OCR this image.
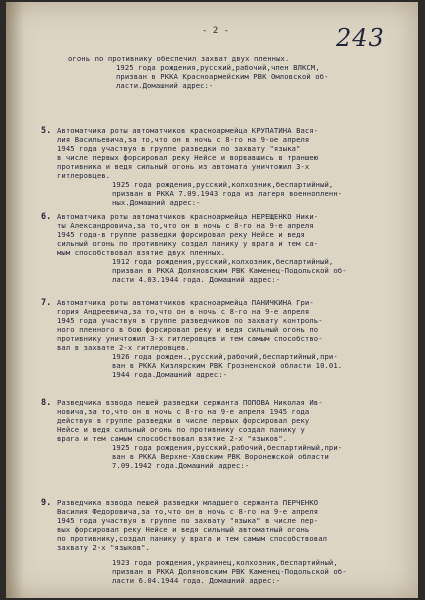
- 2 -	243
огонь по противнику обеспечил захват двух пленных.
1925 года рождения,русский,рабочий,член ВЛКСМ,
призван в РККА Красноармейским РВК Омловской об-
ласти.Домашний адрес:-
5. Автоматчика роты автоматчиков красноармейца КРУПАТИНА Вася-
лия Васильевича,за то,что он в ночь с 8-го на 9-ое апреля
1945 года участвуя в группе разведки по захвату "языка"
в числе первых форсировал реку Нейсе и ворвавшись в траншею
противника и ведя сильный огонь из автомата уничтожил 3-х
гитлеровцев.
1925 года рождения,русский,колхозник,беспартийный,
призван в РККА 7.09.1943 года из лагеря военнопленн-
ных.Домашний адрес:-
6. Автоматчика роты автоматчиков красноармейца НЕРЕЩЕНКО Ники-
ты Александровича,за то,что он в ночь с 8-го на 9-е апреля
1945 года-в группе разведки форсировал реку Нейсе и ведя
сильный огонь по противнику создал панику у врага и тем са-
мым способствовал взятие двух пленных.
1912 года рождения,русский,колхозник,беспартийный,
призван в РККА Доляновским РВК Каменец-Подольской об-
ласти 4.03.1944 года. Домашний адрес:-
7. Автоматчика роты автоматчиков красноармейца ПАНИЧКИНА Гри-
гория Андреевича,за то,что он в ночь с 8-го на 9-е апреля
1945 года участвуя в группе разведчиков по захвату контроль-
ного пленного в бою форсировал реку и ведя сильный огонь по
противнику уничтожил 3-х гитлеровцев и тем самым способство-
вал в захвате 2-х гитлеровцев.
1926 года рожден.,русский,рабочий,беспартийный,при-
ван в РККА Кизлярским РВК Грозненской области 10.01.
1944 года.Домашний адрес:-
8. Разведчика взвода пешей разведки сержанта ПОПОВА Николая Ив-
новича,за то,что он в ночь с 8-го на 9-е апреля 1945 года
действуя в группе разведки в числе первых форсировал реку
Нейсе и ведя сильный огонь по противнику создал панику у
врага и тем самым способствовал взятие 2-х "языков".
1925 года рождения,русский,рабочий,беспартийный,при-
ван в РККА Верхне-Хавским РВК Воронежской области
7.09.1942 года.Домашний адрес:-
9. Разведчика взвода пешей разведки младшего сержанта ПЕРЧЕНКО
Василия Федоровича,за то,что он в ночь с 8-го на 9-е апреля
1945 года участвуя в группе по захвату "языка" в числе пер-
вых форсировал реку Нейсе и ведя сильный автоматный огонь
по противнику,создал панику у врага и тем самым способствовал
захвату 2-х "языков".
1923 года рождения,украинец,колхозник,беспартийный,
призван в РККА Доляновским РВК Каменец-Подольской об-
ласти 6.04.1944 года. Домашний адрес:-
